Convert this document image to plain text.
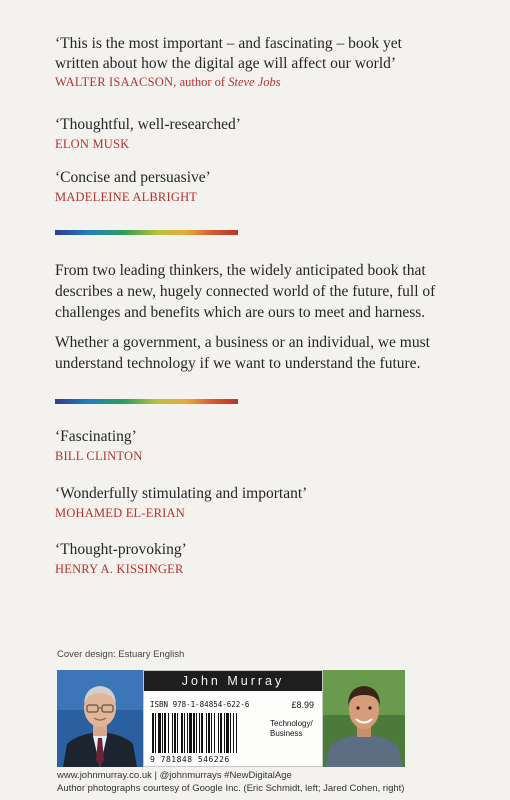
‘This is the most important – and fascinating – book yet
written about how the digital age will affect our world’

WALTER ISAACSON, author of Steve Jobs

‘Thoughtful, well-researched’

ELON MUSK

‘Concise and persuasive’

MADELEINE ALBRIGHT

From two leading thinkers, the widely anticipated book that
describes a new, hugely connected world of the future, full of
challenges and benefits which are ours to meet and harness.

Whether a government, a business or an individual, we must
understand technology if we want to understand the future.

‘Fascinating’

BILL CLINTON

‘Wonderfully stimulating and important’

MOHAMED EL-ERIAN

‘Thought-provoking’

HENRY A. KISSINGER
Cover design: Estuary English
John Murray
ISBN 978-1-84854-622-6	£8.99
Technology/
Business
9 781848 546226
www.johnmurray.co.uk | @johnmurrays #NewDigitalAge
Author photographs courtesy of Google Inc. (Eric Schmidt, left; Jared Cohen, right)
